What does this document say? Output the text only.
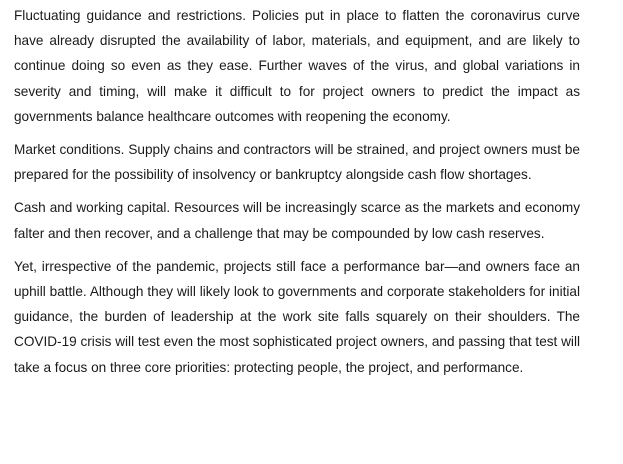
Fluctuating guidance and restrictions. Policies put in place to flatten the coronavirus curve have already disrupted the availability of labor, materials, and equipment, and are likely to continue doing so even as they ease. Further waves of the virus, and global variations in severity and timing, will make it difficult to for project owners to predict the impact as governments balance healthcare outcomes with reopening the economy.

Market conditions. Supply chains and contractors will be strained, and project owners must be prepared for the possibility of insolvency or bankruptcy alongside cash flow shortages.

Cash and working capital. Resources will be increasingly scarce as the markets and economy falter and then recover, and a challenge that may be compounded by low cash reserves.

Yet, irrespective of the pandemic, projects still face a performance bar—and owners face an uphill battle. Although they will likely look to governments and corporate stakeholders for initial guidance, the burden of leadership at the work site falls squarely on their shoulders. The COVID-19 crisis will test even the most sophisticated project owners, and passing that test will take a focus on three core priorities: protecting people, the project, and performance.
